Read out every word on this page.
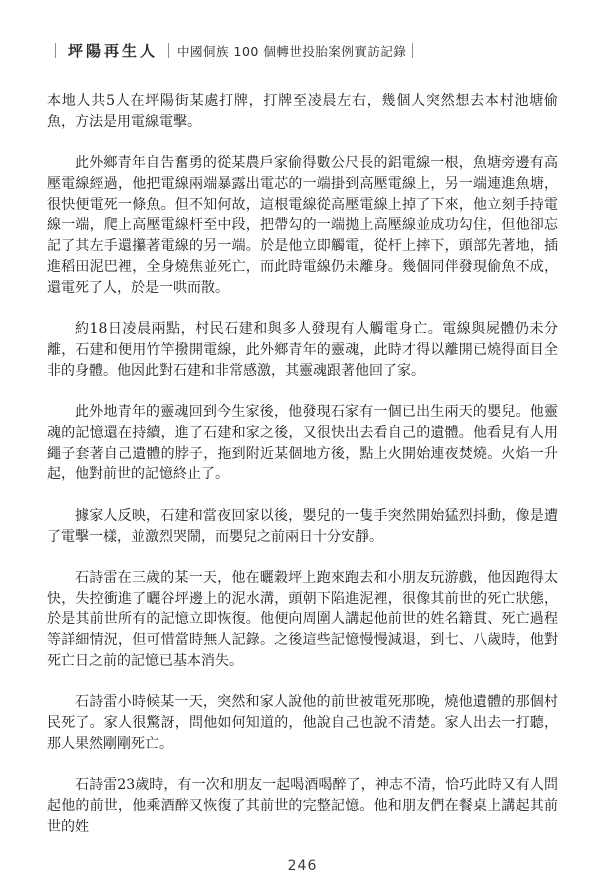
坪陽再生人 中國侗族 100 個轉世投胎案例實訪記錄

本地人共5人在坪陽街某處打牌，打牌至凌晨左右，幾個人突然想去本村池塘偷魚，方法是用電線電擊。

此外鄉青年自告奮勇的從某農戶家偷得數公尺長的鋁電線一根，魚塘旁邊有高壓電線經過，他把電線兩端暴露出電芯的一端掛到高壓電線上，另一端連進魚塘，很快便電死一條魚。但不知何故，這根電線從高壓電線上掉了下來，他立刻手持電線一端，爬上高壓電線杆至中段，把帶勾的一端拋上高壓線並成功勾住，但他卻忘記了其左手還攥著電線的另一端。於是他立即觸電，從杆上摔下，頭部先著地，插進稻田泥巴裡，全身燒焦並死亡，而此時電線仍未離身。幾個同伴發現偷魚不成，還電死了人，於是一哄而散。

約18日凌晨兩點，村民石建和與多人發現有人觸電身亡。電線與屍體仍未分離，石建和便用竹竿撥開電線，此外鄉青年的靈魂，此時才得以離開已燒得面目全非的身體。他因此對石建和非常感激，其靈魂跟著他回了家。

此外地青年的靈魂回到今生家後，他發現石家有一個已出生兩天的嬰兒。他靈魂的記憶還在持續，進了石建和家之後，又很快出去看自己的遺體。他看見有人用繩子套著自己遺體的脖子，拖到附近某個地方後，點上火開始連夜焚燒。火焰一升起，他對前世的記憶終止了。

據家人反映，石建和當夜回家以後，嬰兒的一隻手突然開始猛烈抖動，像是遭了電擊一樣，並激烈哭鬧，而嬰兒之前兩日十分安靜。

石詩雷在三歲的某一天，他在曬穀坪上跑來跑去和小朋友玩游戲，他因跑得太快，失控衝進了曬谷坪邊上的泥水溝，頭朝下陷進泥裡，很像其前世的死亡狀態，於是其前世所有的記憶立即恢復。他便向周圍人講起他前世的姓名籍貫、死亡過程等詳細情況，但可惜當時無人記錄。之後這些記憶慢慢減退，到七、八歲時，他對死亡日之前的記憶已基本消失。

石詩雷小時候某一天，突然和家人說他的前世被電死那晚，燒他遺體的那個村民死了。家人很驚訝，問他如何知道的，他說自己也說不清楚。家人出去一打聽，那人果然剛剛死亡。

石詩雷23歲時，有一次和朋友一起喝酒喝醉了，神志不清，恰巧此時又有人問起他的前世，他乘酒醉又恢復了其前世的完整記憶。他和朋友們在餐桌上講起其前世的姓

246
